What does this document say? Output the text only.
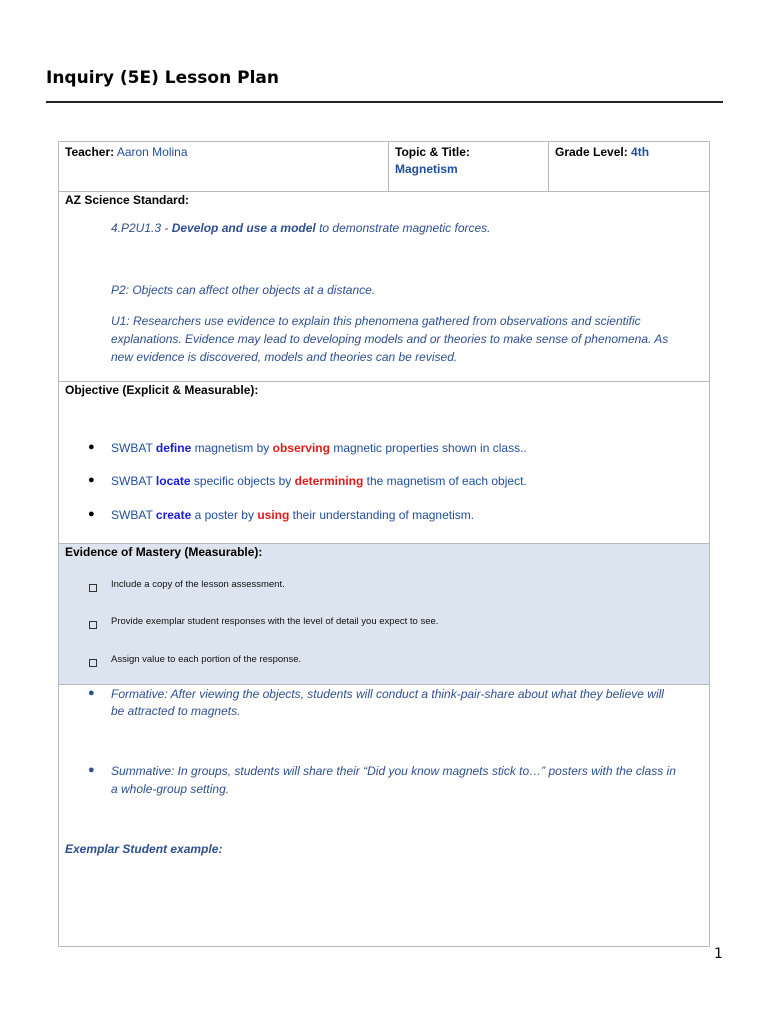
Inquiry (5E) Lesson Plan
Teacher: Aaron Molina	Topic & Title:
Magnetism
Grade Level: 4th
AZ Science Standard:
4.P2U1.3 - Develop and use a model to demonstrate magnetic forces.
P2: Objects can affect other objects at a distance.
U1: Researchers use evidence to explain this phenomena gathered from observations and scientific
explanations. Evidence may lead to developing models and or theories to make sense of phenomena. As
new evidence is discovered, models and theories can be revised.
Objective (Explicit & Measurable):
● SWBAT define magnetism by observing magnetic properties shown in class..
● SWBAT locate specific objects by determining the magnetism of each object.
● SWBAT create a poster by using their understanding of magnetism.
Evidence of Mastery (Measurable):
Include a copy of the lesson assessment.
Provide exemplar student responses with the level of detail you expect to see.
Assign value to each portion of the response.
● Formative: After viewing the objects, students will conduct a think-pair-share about what they believe will
be attracted to magnets.
● Summative: In groups, students will share their “Did you know magnets stick to…” posters with the class in
a whole-group setting.
Exemplar Student example:
1
